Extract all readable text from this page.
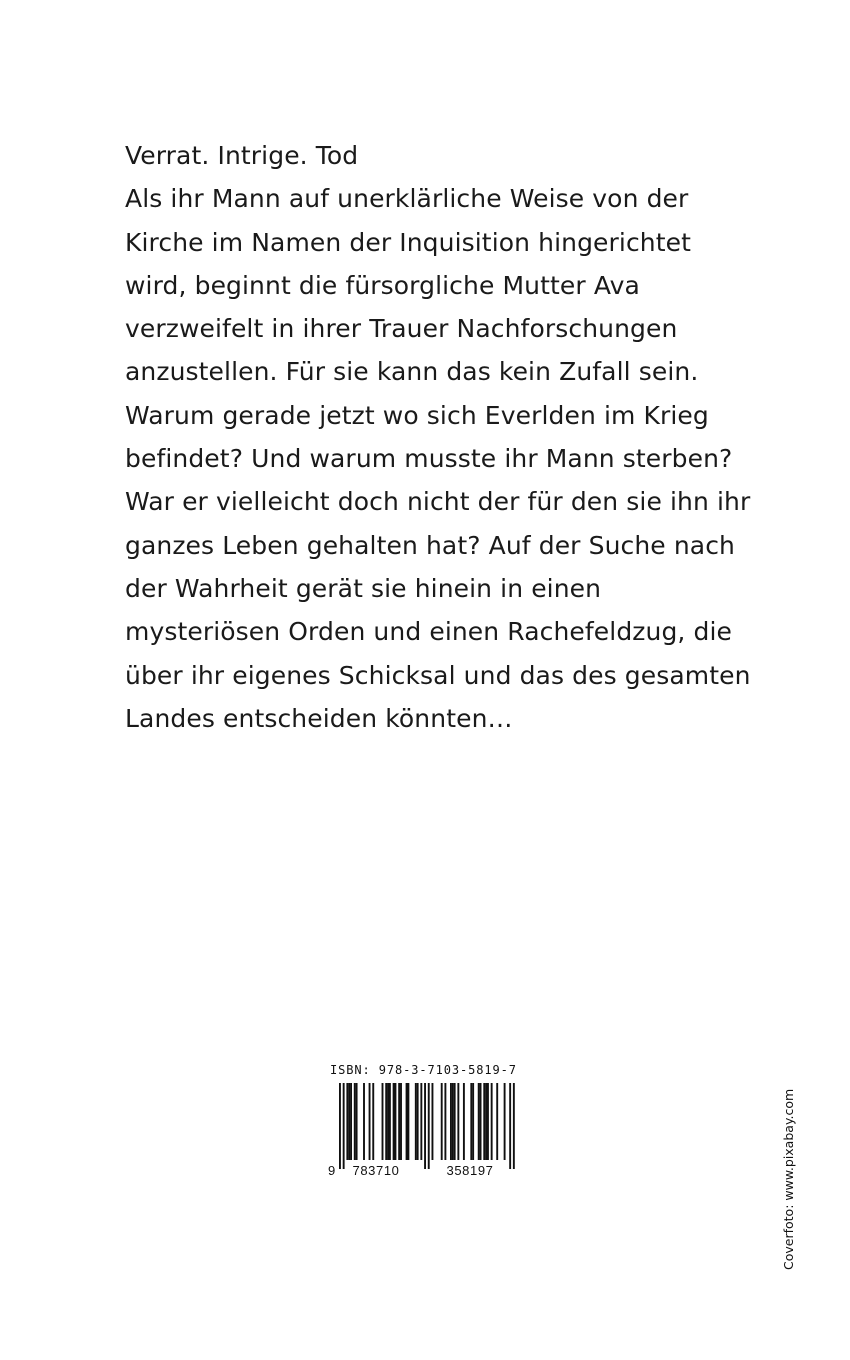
Verrat. Intrige. Tod
Als ihr Mann auf unerklärliche Weise von der
Kirche im Namen der Inquisition hingerichtet
wird, beginnt die fürsorgliche Mutter Ava
verzweifelt in ihrer Trauer Nachforschungen
anzustellen. Für sie kann das kein Zufall sein.
Warum gerade jetzt wo sich Everlden im Krieg
befindet? Und warum musste ihr Mann sterben?
War er vielleicht doch nicht der für den sie ihn ihr
ganzes Leben gehalten hat? Auf der Suche nach
der Wahrheit gerät sie hinein in einen
mysteriösen Orden und einen Rachefeldzug, die
über ihr eigenes Schicksal und das des gesamten
Landes entscheiden könnten…
ISBN: 978-3-7103-5819-7
9 783710	358197	Coverfoto: www.pixabay.com
